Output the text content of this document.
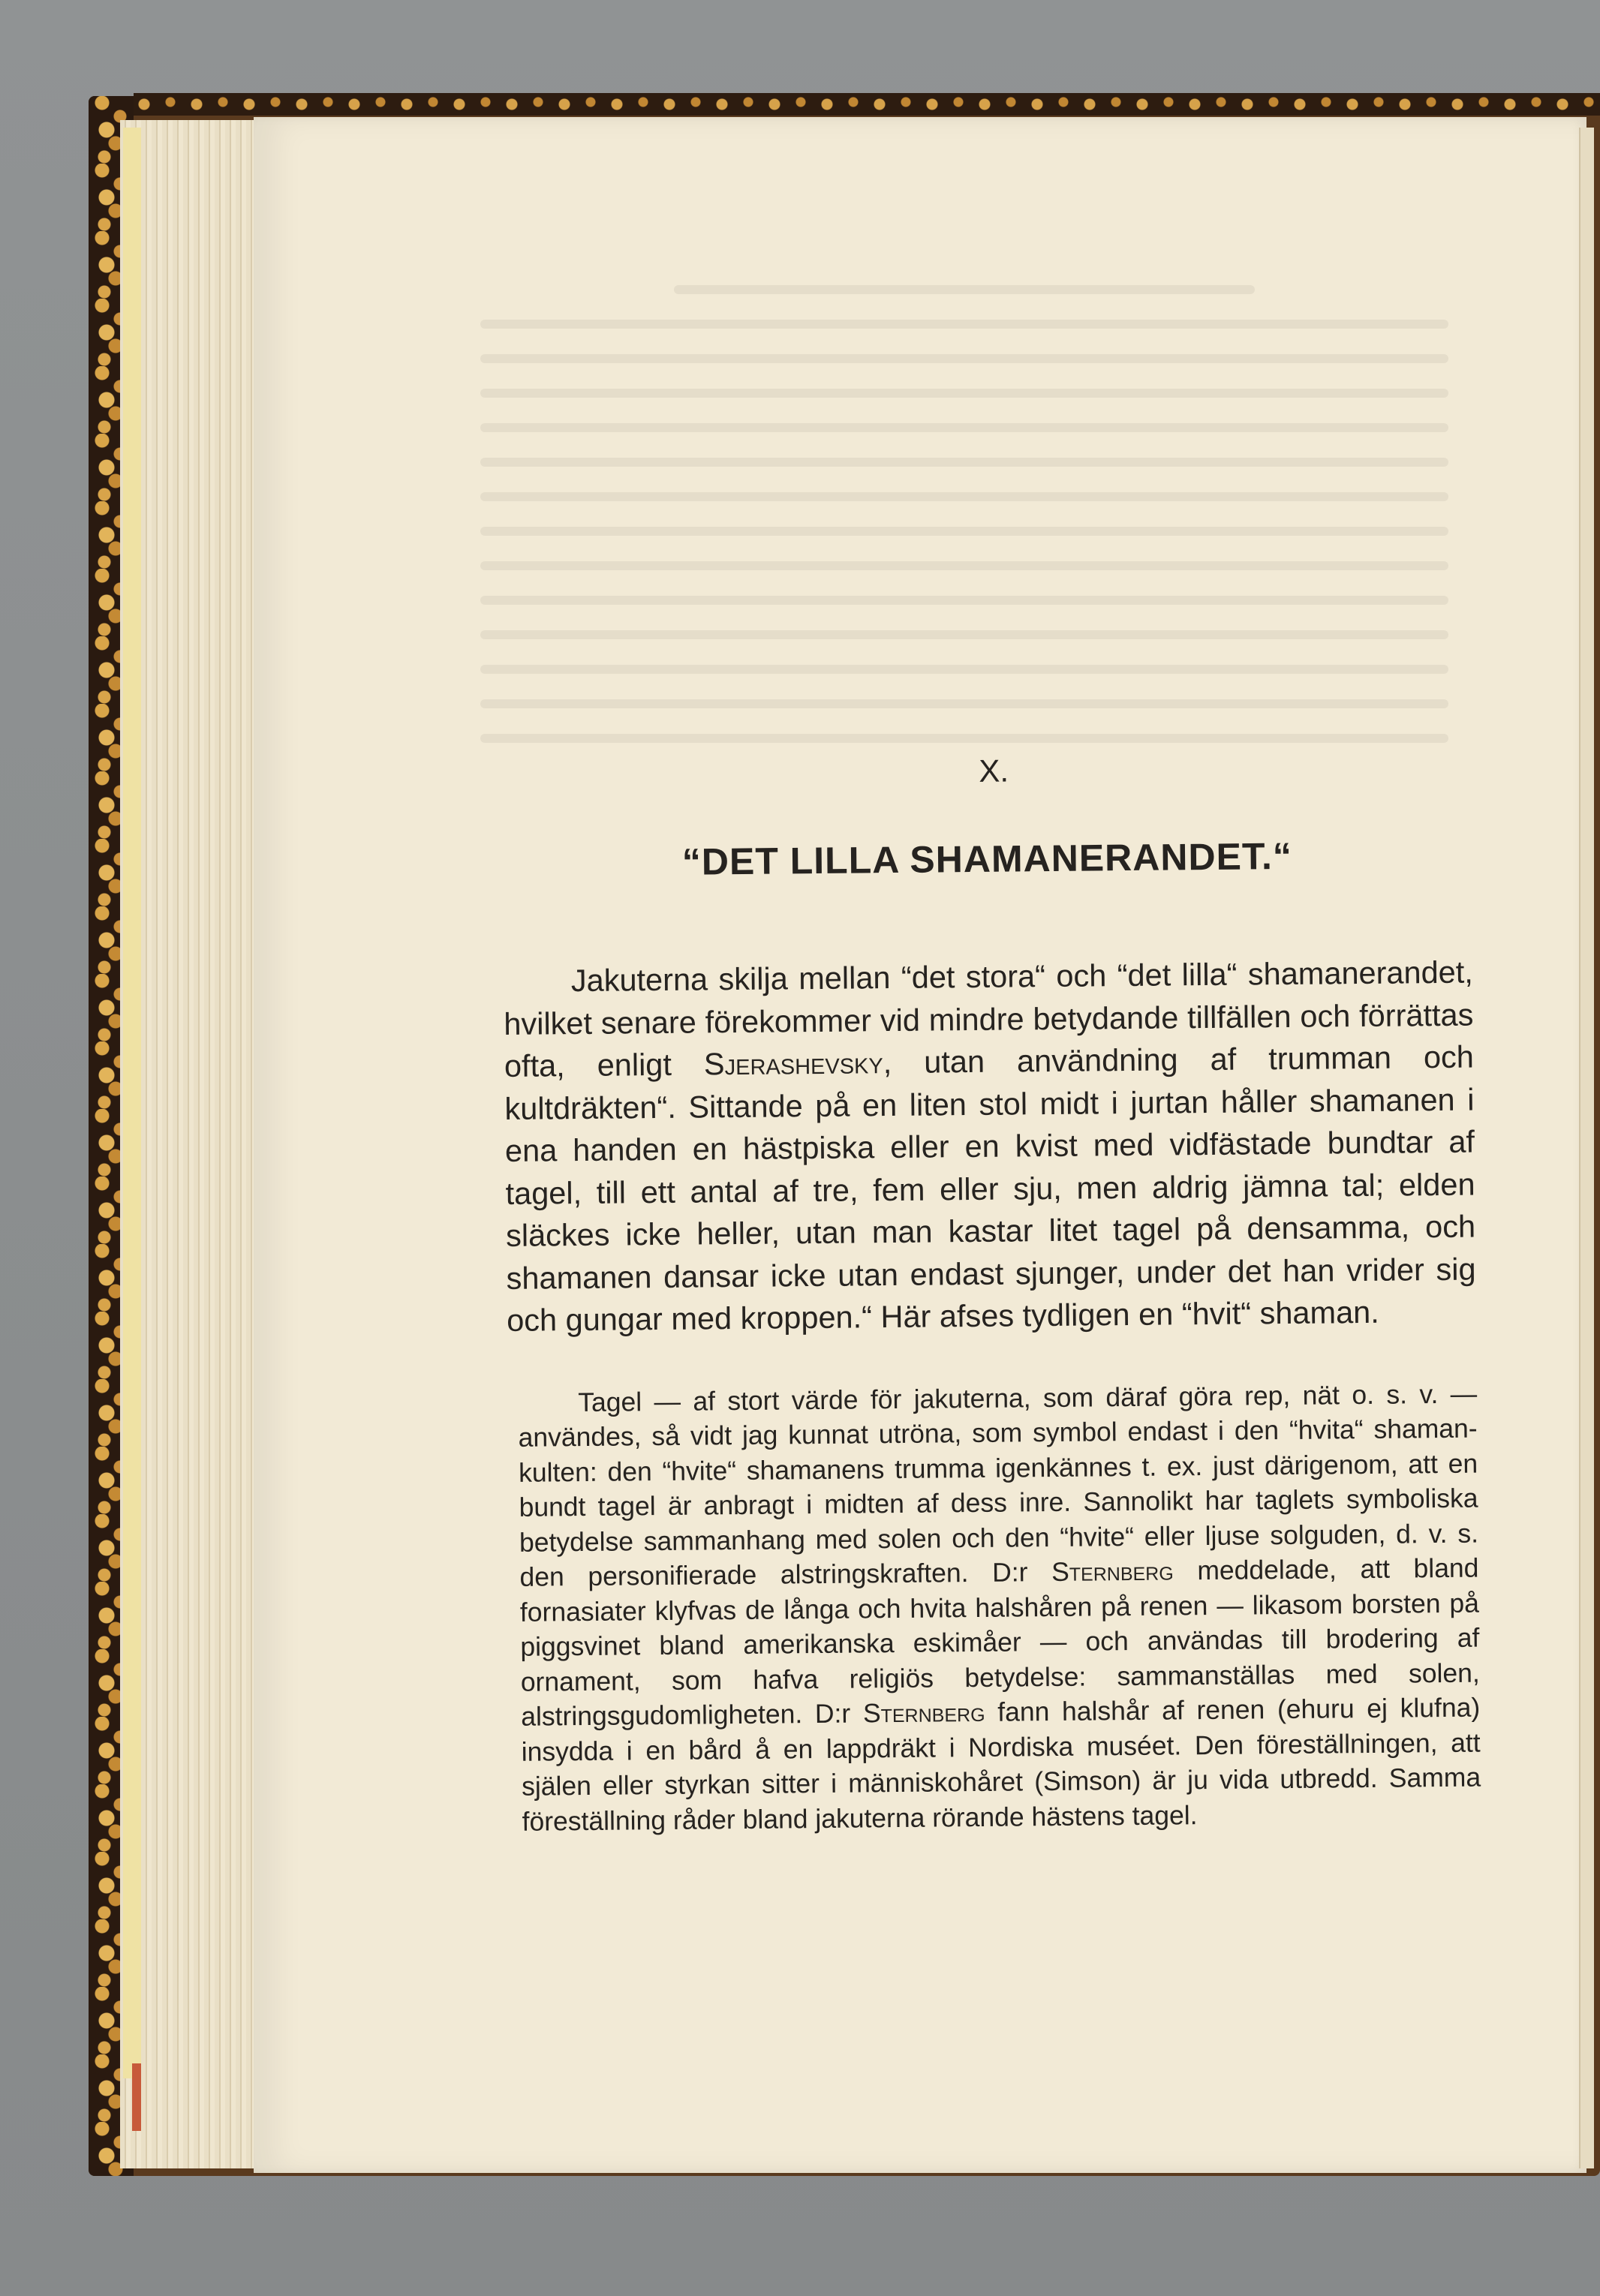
X.
“DET LILLA SHAMANERANDET.“

Jakuterna skilja mellan “det stora“ och “det lilla“ shamanerandet, hvilket senare förekommer vid mindre betydande tillfällen och förrättas ofta, enligt Sjerashevsky, utan användning af trumman och kultdräkten“. Sittande på en liten stol midt i jurtan håller shamanen i ena handen en hästpiska eller en kvist med vidfästade bundtar af tagel, till ett antal af tre, fem eller sju, men aldrig jämna tal; elden släckes icke heller, utan man kastar litet tagel på densamma, och shamanen dansar icke utan endast sjunger, under det han vrider sig och gungar med kroppen.“ Här afses tydligen en “hvit“ shaman.

Tagel — af stort värde för jakuterna, som däraf göra rep, nät o. s. v. — användes, så vidt jag kunnat utröna, som symbol endast i den “hvita“ shaman-kulten: den “hvite“ shamanens trumma igenkännes t. ex. just därigenom, att en bundt tagel är anbragt i midten af dess inre. Sannolikt har taglets symboliska betydelse sammanhang med solen och den “hvite“ eller ljuse solguden, d. v. s. den personifierade alstringskraften. D:r Sternberg meddelade, att bland fornasiater klyfvas de långa och hvita halshåren på renen — likasom borsten på piggsvinet bland amerikanska eskimåer — och användas till brodering af ornament, som hafva religiös betydelse: sammanställas med solen, alstringsgudomligheten. D:r Sternberg fann halshår af renen (ehuru ej klufna) insydda i en bård å en lappdräkt i Nordiska muséet. Den föreställningen, att själen eller styrkan sitter i människohåret (Simson) är ju vida utbredd. Samma föreställning råder bland jakuterna rörande hästens tagel.
